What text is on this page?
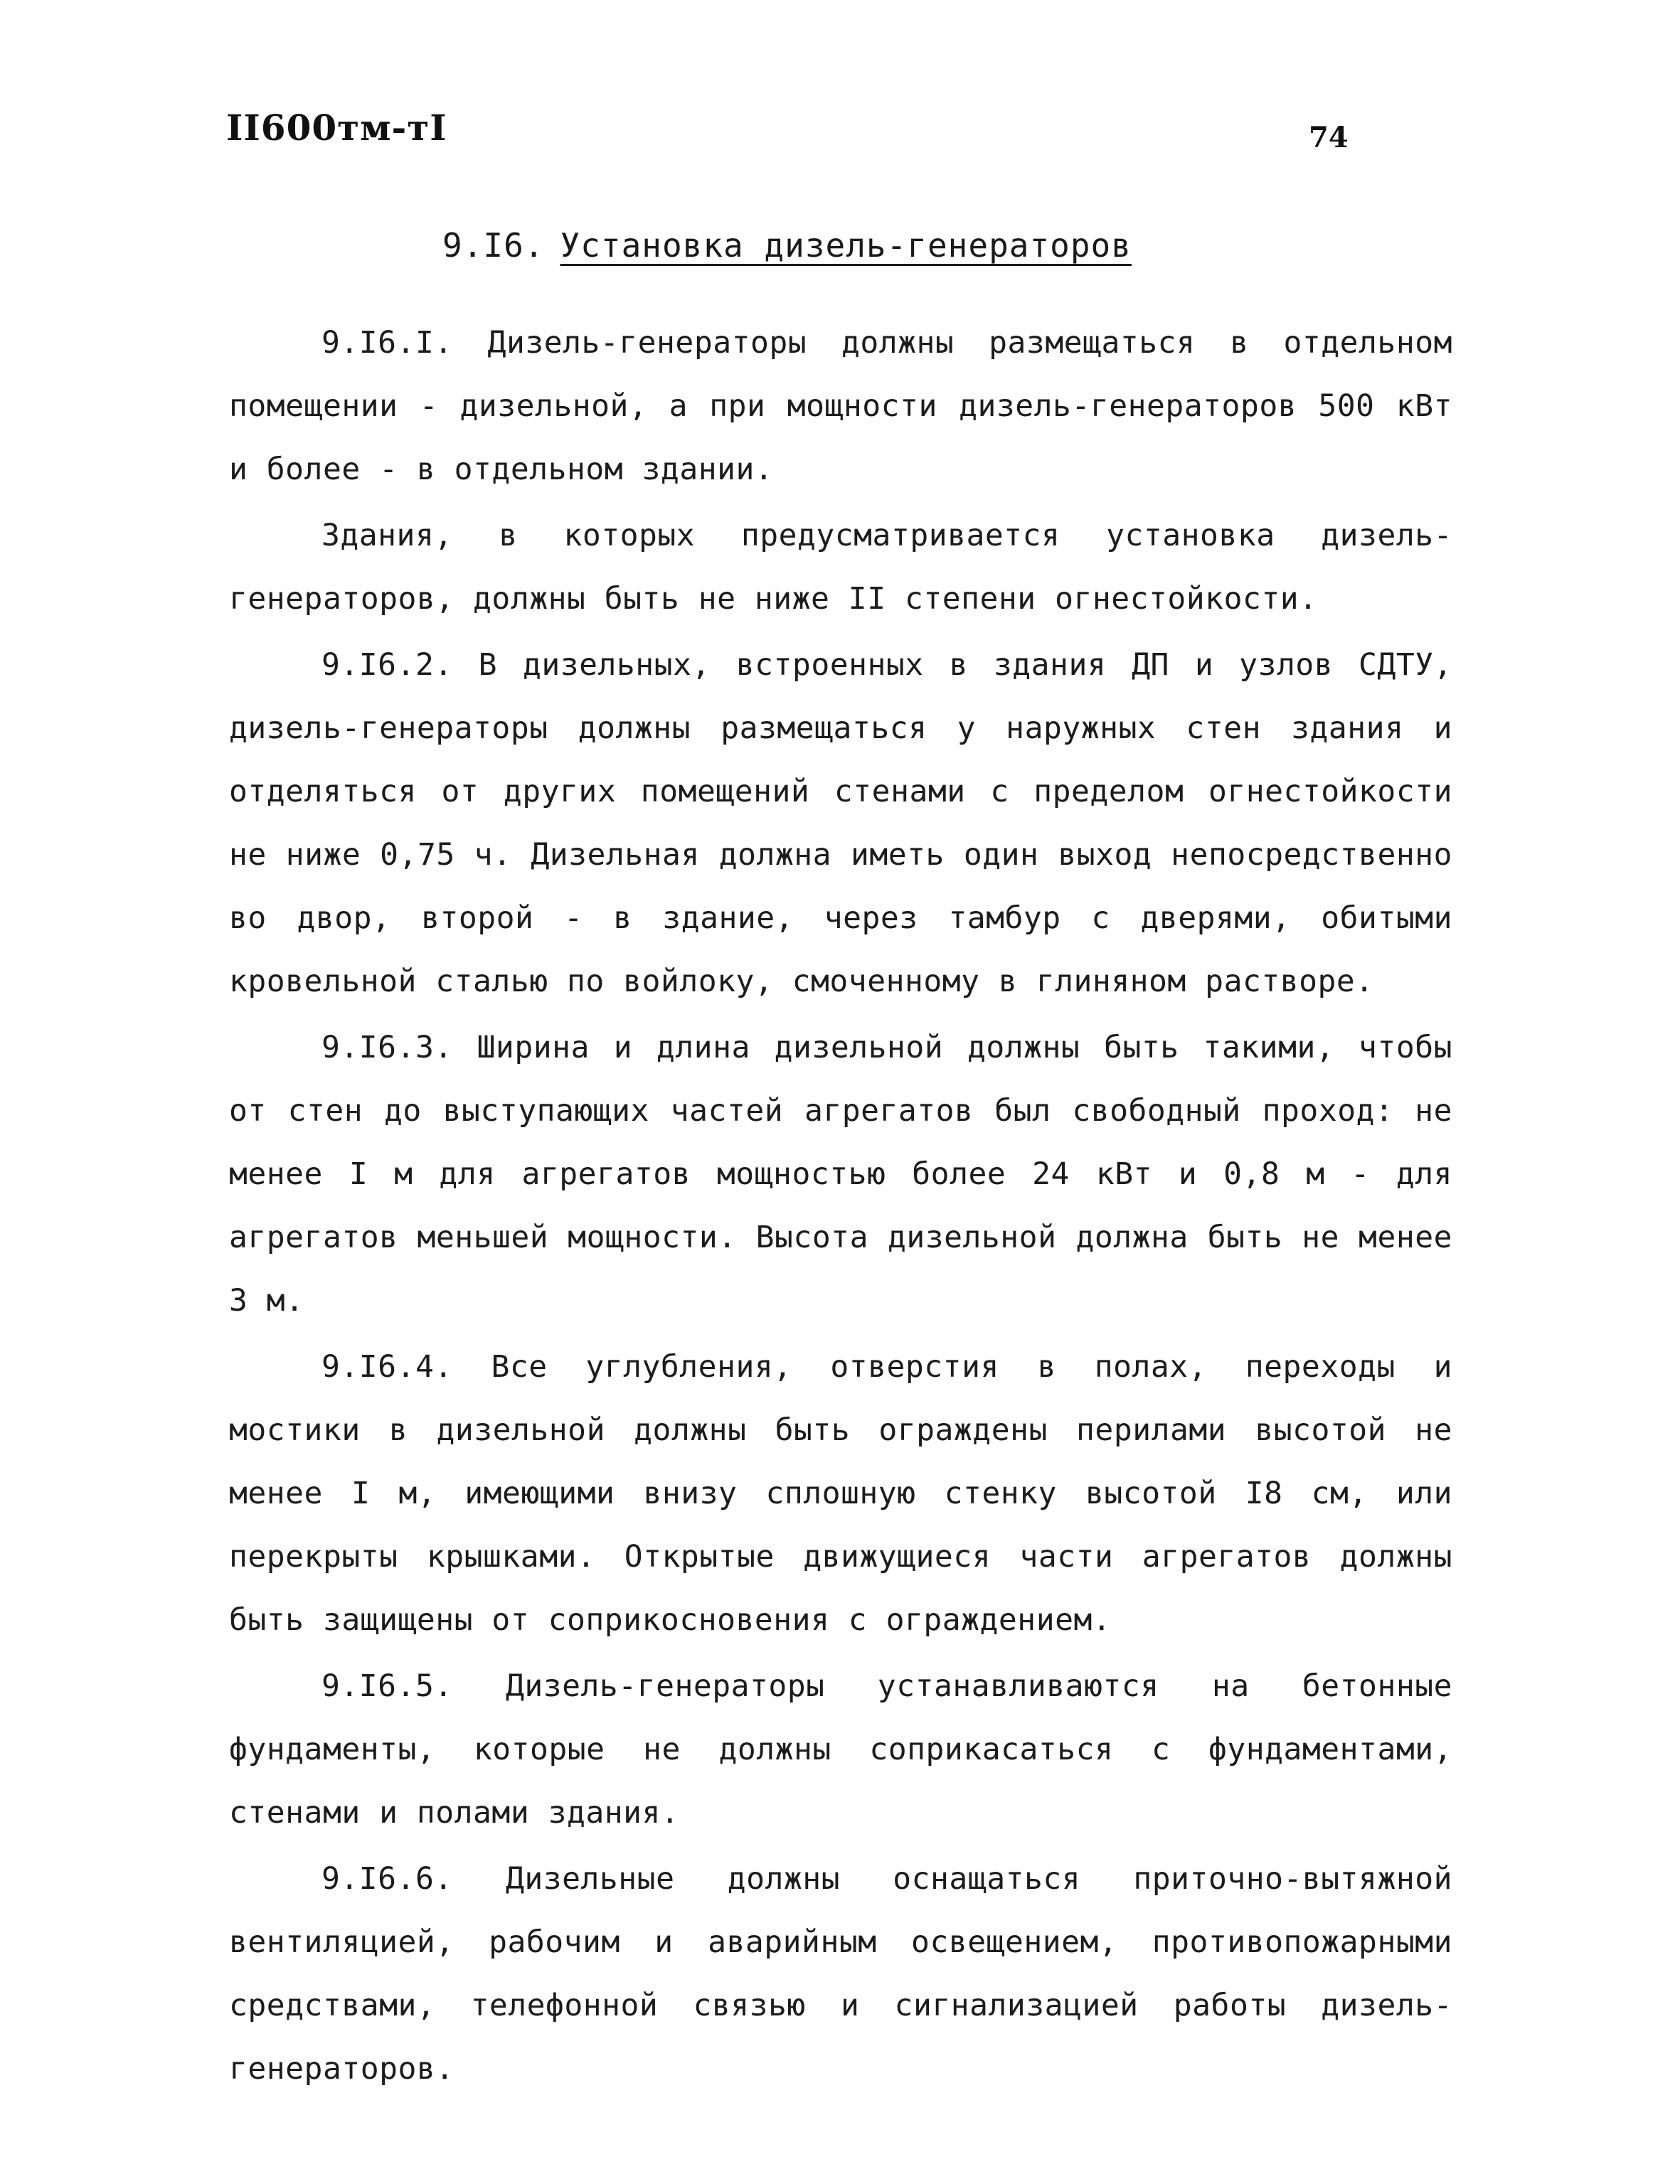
II600тм-тI	74
9.I6. Установка дизель-генераторов

9.I6.I. Дизель-генераторы должны размещаться в отдельном помещении - дизельной, а при мощности дизель-генераторов 500 кВт и более - в отдельном здании.

Здания, в которых предусматривается установка дизель-генераторов, должны быть не ниже II степени огнестойкости.

9.I6.2. В дизельных, встроенных в здания ДП и узлов СДТУ, дизель-генераторы должны размещаться у наружных стен здания и отделяться от других помещений стенами с пределом огнестойкости не ниже 0,75 ч. Дизельная должна иметь один выход непосредственно во двор, второй - в здание, через тамбур с дверями, обитыми кровельной сталью по войлоку, смоченному в глиняном растворе.

9.I6.3. Ширина и длина дизельной должны быть такими, чтобы от стен до выступающих частей агрегатов был свободный проход: не менее I м для агрегатов мощностью более 24 кВт и 0,8 м - для агрегатов меньшей мощности. Высота дизельной должна быть не менее 3 м.

9.I6.4. Все углубления, отверстия в полах, переходы и мостики в дизельной должны быть ограждены перилами высотой не менее I м, имеющими внизу сплошную стенку высотой I8 см, или перекрыты крышками. Открытые движущиеся части агрегатов должны быть защищены от соприкосновения с ограждением.

9.I6.5. Дизель-генераторы устанавливаются на бетонные фундаменты, которые не должны соприкасаться с фундаментами, стенами и полами здания.

9.I6.6. Дизельные должны оснащаться приточно-вытяжной вентиляцией, рабочим и аварийным освещением, противопожарными средствами, телефонной связью и сигнализацией работы дизель-генераторов.
